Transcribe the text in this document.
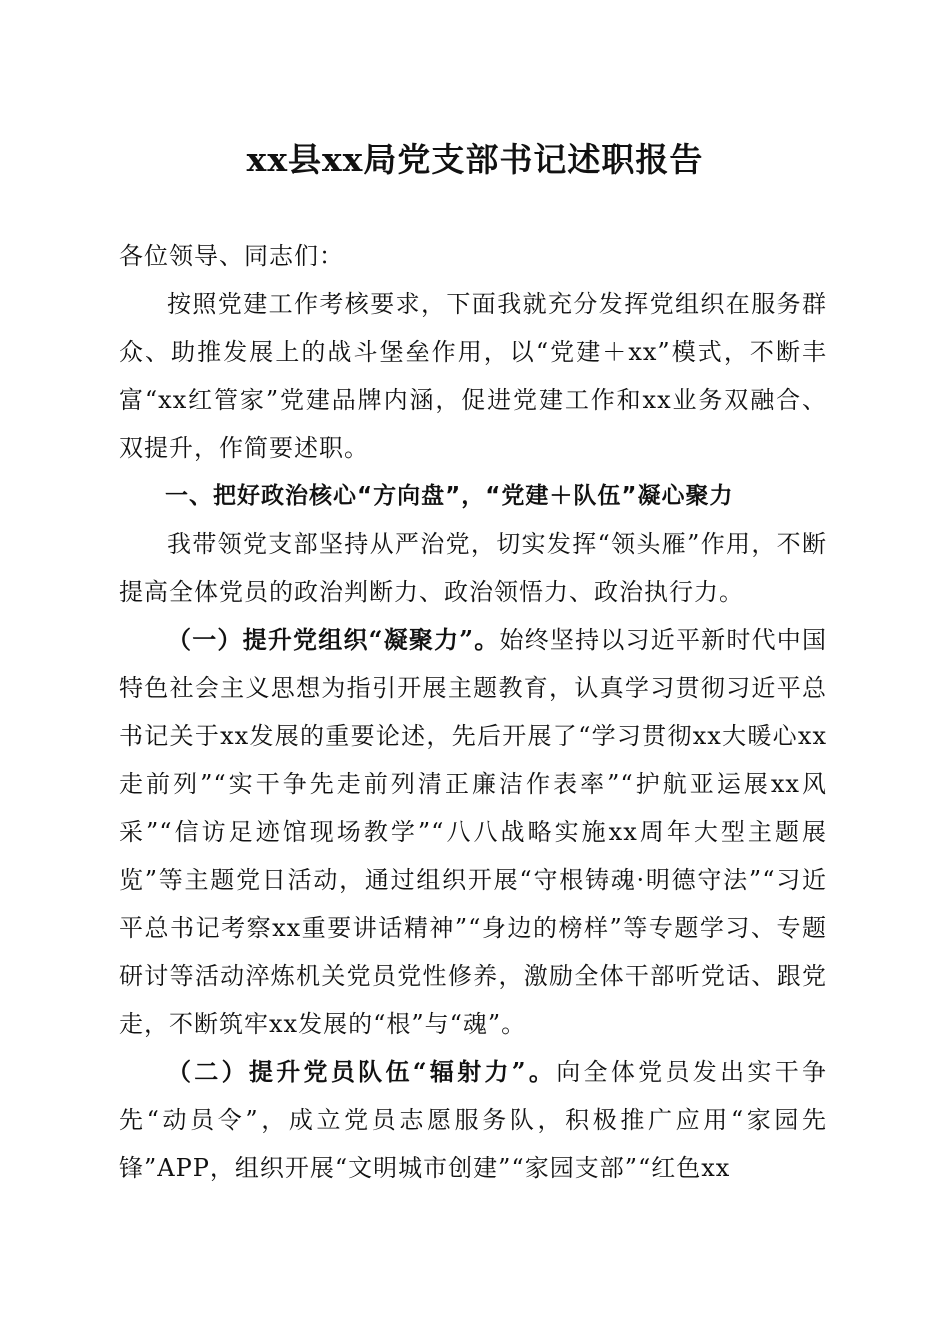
xx县xx局党支部书记述职报告

各位领导、同志们：

按照党建工作考核要求，下面我就充分发挥党组织在服务群众、助推发展上的战斗堡垒作用，以“党建＋xx”模式，不断丰富“xx红管家”党建品牌内涵，促进党建工作和xx业务双融合、双提升，作简要述职。

一、把好政治核心“方向盘”，“党建＋队伍”凝心聚力

我带领党支部坚持从严治党，切实发挥“领头雁”作用，不断提高全体党员的政治判断力、政治领悟力、政治执行力。

（一）提升党组织“凝聚力”。始终坚持以习近平新时代中国特色社会主义思想为指引开展主题教育，认真学习贯彻习近平总书记关于xx发展的重要论述，先后开展了“学习贯彻xx大暖心xx走前列”“实干争先走前列清正廉洁作表率”“护航亚运展xx风采”“信访足迹馆现场教学”“八八战略实施xx周年大型主题展览”等主题党日活动，通过组织开展“守根铸魂·明德守法”“习近平总书记考察xx重要讲话精神”“身边的榜样”等专题学习、专题研讨等活动淬炼机关党员党性修养，激励全体干部听党话、跟党走，不断筑牢xx发展的“根”与“魂”。

（二）提升党员队伍“辐射力”。向全体党员发出实干争先“动员令”，成立党员志愿服务队，积极推广应用“家园先锋”APP，组织开展“文明城市创建”“家园支部”“红色xx
